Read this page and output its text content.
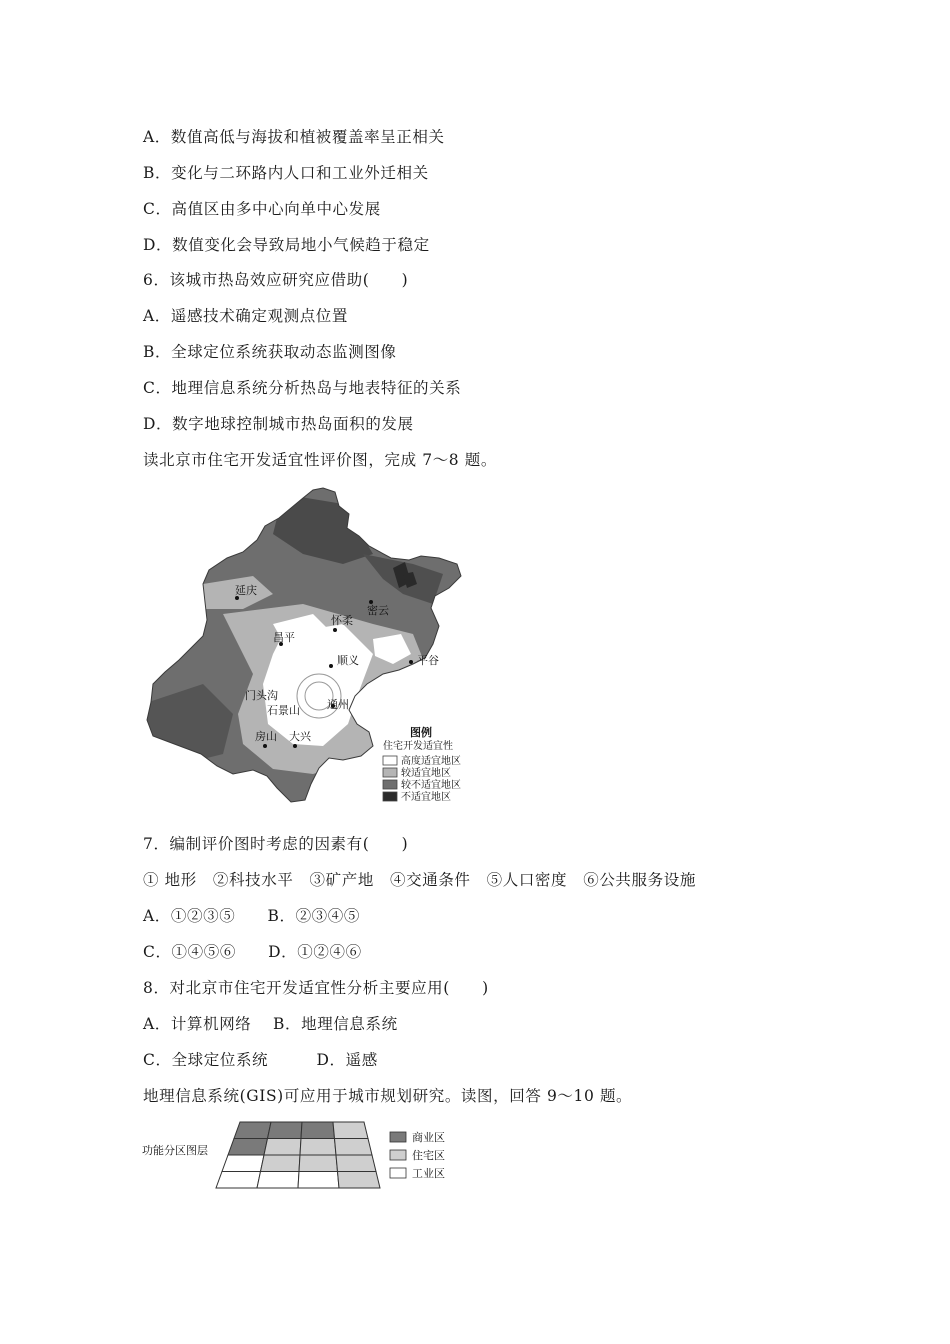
A．数值高低与海拔和植被覆盖率呈正相关
B．变化与二环路内人口和工业外迁相关
C．高值区由多中心向单中心发展
D．数值变化会导致局地小气候趋于稳定
6．该城市热岛效应研究应借助(　　)
A．遥感技术确定观测点位置
B．全球定位系统获取动态监测图像
C．地理信息系统分析热岛与地表特征的关系
D．数字地球控制城市热岛面积的发展
读北京市住宅开发适宜性评价图，完成 7～8 题。
延庆
密云
怀柔
昌平
顺义	平谷
门头沟
石景山 通州
房山 大兴	图例
住宅开发适宜性
高度适宜地区
较适宜地区
较不适宜地区
不适宜地区
7．编制评价图时考虑的因素有(　　)
① 地形　②科技水平　③矿产地　④交通条件　⑤人口密度　⑥公共服务设施
A．①②③⑤　　B．②③④⑤
C．①④⑤⑥　　D．①②④⑥
8．对北京市住宅开发适宜性分析主要应用(　　)
A．计算机网络　 B．地理信息系统
C．全球定位系统　　　D．遥感
地理信息系统(GIS)可应用于城市规划研究。读图，回答 9～10 题。
功能分区图层
商业区
住宅区
工业区
